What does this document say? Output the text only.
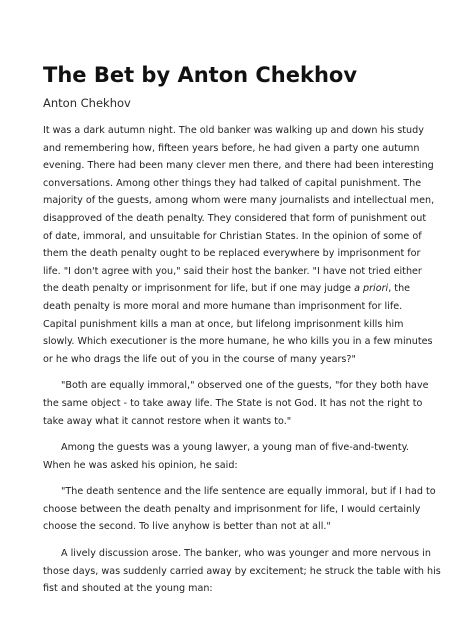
The Bet by Anton Chekhov

Anton Chekhov

It was a dark autumn night. The old banker was walking up and down his study
and remembering how, fifteen years before, he had given a party one autumn
evening. There had been many clever men there, and there had been interesting
conversations. Among other things they had talked of capital punishment. The
majority of the guests, among whom were many journalists and intellectual men,
disapproved of the death penalty. They considered that form of punishment out
of date, immoral, and unsuitable for Christian States. In the opinion of some of
them the death penalty ought to be replaced everywhere by imprisonment for
life. "I don't agree with you," said their host the banker. "I have not tried either
the death penalty or imprisonment for life, but if one may judge a priori, the
death penalty is more moral and more humane than imprisonment for life.
Capital punishment kills a man at once, but lifelong imprisonment kills him
slowly. Which executioner is the more humane, he who kills you in a few minutes
or he who drags the life out of you in the course of many years?"
"Both are equally immoral," observed one of the guests, "for they both have
the same object - to take away life. The State is not God. It has not the right to
take away what it cannot restore when it wants to."
Among the guests was a young lawyer, a young man of five-and-twenty.
When he was asked his opinion, he said:
"The death sentence and the life sentence are equally immoral, but if I had to
choose between the death penalty and imprisonment for life, I would certainly
choose the second. To live anyhow is better than not at all."
A lively discussion arose. The banker, who was younger and more nervous in
those days, was suddenly carried away by excitement; he struck the table with his
fist and shouted at the young man:
